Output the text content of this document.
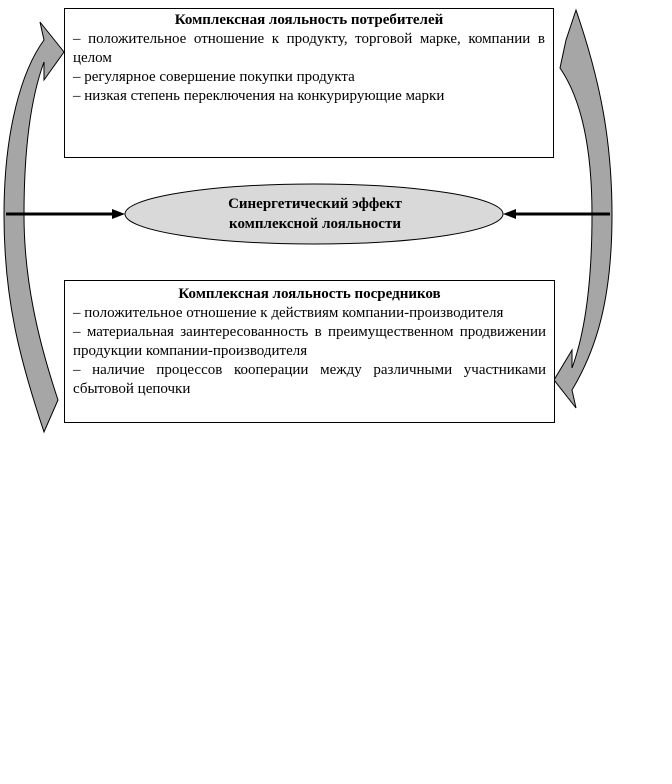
Комплексная лояльность потребителей
– положительное отношение к продукту, торговой марке, компании в целом
– регулярное совершение покупки продукта
– низкая степень переключения на конкурирующие марки
Синергетический эффект
комплексной лояльности
Комплексная лояльность посредников
– положительное отношение к действиям компании-производителя
– материальная заинтересованность в преимущественном продвижении продукции компании-производителя
– наличие процессов кооперации между различными участниками сбытовой цепочки
